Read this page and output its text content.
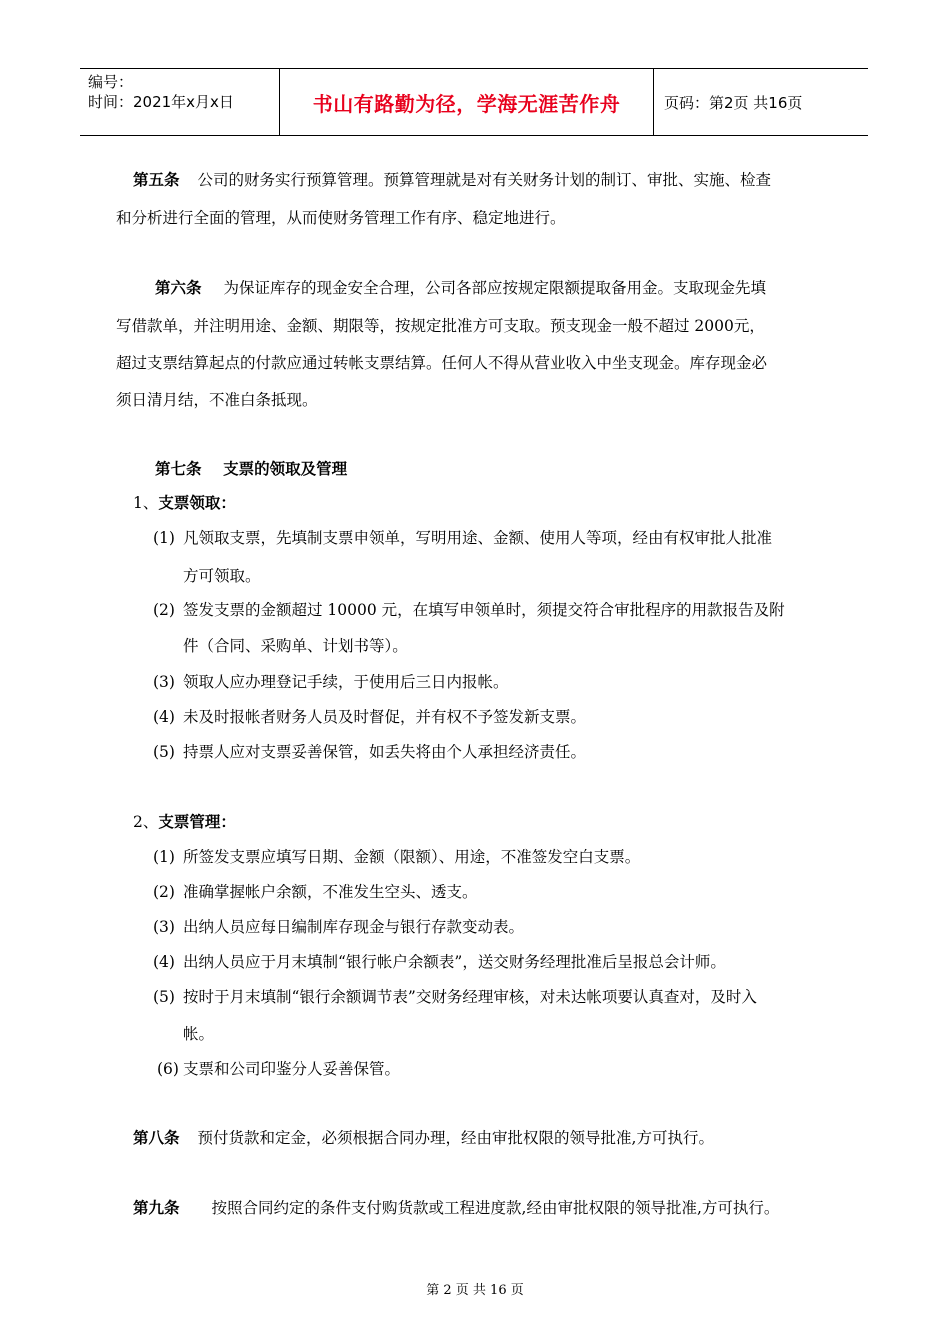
编号：
时间：2021年x月x日	书山有路勤为径，学海无涯苦作舟	页码：第2页 共16页
第五条 公司的财务实行预算管理。预算管理就是对有关财务计划的制订、审批、实施、检查
和分析进行全面的管理，从而使财务管理工作有序、稳定地进行。
第六条 为保证库存的现金安全合理，公司各部应按规定限额提取备用金。支取现金先填
写借款单，并注明用途、金额、期限等，按规定批准方可支取。预支现金一般不超过 2000元，
超过支票结算起点的付款应通过转帐支票结算。任何人不得从营业收入中坐支现金。库存现金必
须日清月结，不准白条抵现。
第七条    支票的领取及管理
1、支票领取：
(1) 凡领取支票，先填制支票申领单，写明用途、金额、使用人等项，经由有权审批人批准
方可领取。
(2) 签发支票的金额超过 10000 元，在填写申领单时，须提交符合审批程序的用款报告及附
件（合同、采购单、计划书等）。
(3) 领取人应办理登记手续，于使用后三日内报帐。
(4) 未及时报帐者财务人员及时督促，并有权不予签发新支票。
(5) 持票人应对支票妥善保管，如丢失将由个人承担经济责任。
2、支票管理：
(1) 所签发支票应填写日期、金额（限额）、用途，不准签发空白支票。
(2) 准确掌握帐户余额，不准发生空头、透支。
(3) 出纳人员应每日编制库存现金与银行存款变动表。
(4) 出纳人员应于月末填制“银行帐户余额表”，送交财务经理批准后呈报总会计师。
(5) 按时于月末填制“银行余额调节表”交财务经理审核，对未达帐项要认真查对，及时入
帐。
(6) 支票和公司印鉴分人妥善保管。
第八条 预付货款和定金，必须根据合同办理，经由审批权限的领导批准,方可执行。
第九条 按照合同约定的条件支付购货款或工程进度款,经由审批权限的领导批准,方可执行。
第 2 页 共 16 页
